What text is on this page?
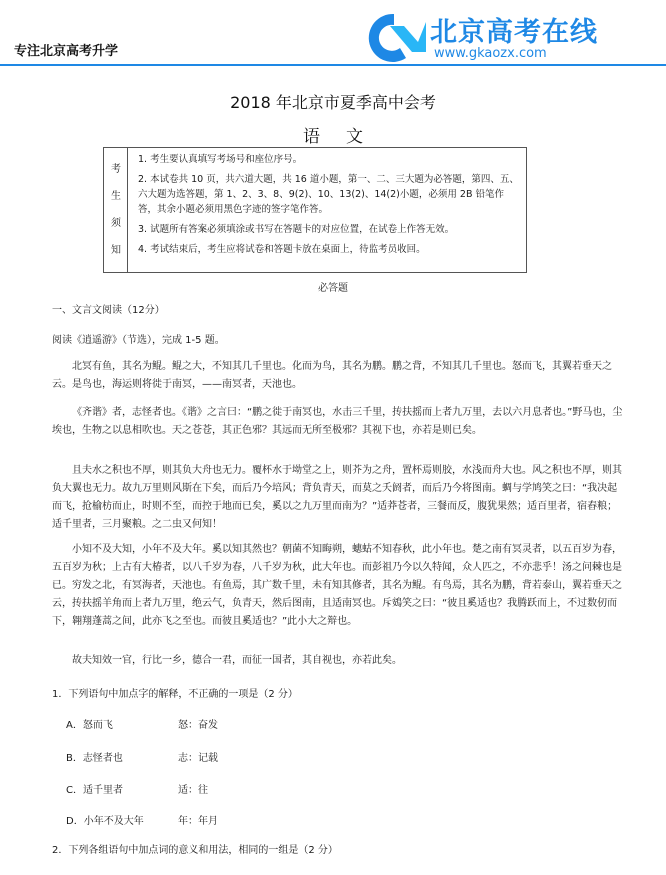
专注北京高考升学
北京高考在线
www.gkaozx.com
2018 年北京市夏季高中会考
语文
考
生
须
知

1. 考生要认真填写考场号和座位序号。

2. 本试卷共 10 页，共六道大题，共 16 道小题，第一、二、三大题为必答题，第四、五、六大题为选答题，第 1、2、3、8、9(2)、10、13(2)、14(2)小题，必须用 2B 铅笔作答，其余小题必须用黑色字迹的签字笔作答。

3. 试题所有答案必须填涂或书写在答题卡的对应位置，在试卷上作答无效。

4. 考试结束后，考生应将试卷和答题卡放在桌面上，待监考员收回。

必答题
一、文言文阅读（12分）
阅读《逍遥游》（节选），完成 1-5 题。

北冥有鱼，其名为鲲。鲲之大，不知其几千里也。化而为鸟，其名为鹏。鹏之背，不知其几千里也。怒而飞，其翼若垂天之云。是鸟也，海运则将徙于南冥，——南冥者，天池也。

《齐谐》者，志怪者也。《谐》之言曰：“鹏之徙于南冥也，水击三千里，抟扶摇而上者九万里，去以六月息者也。”野马也，尘埃也，生物之以息相吹也。天之苍苍，其正色邪？其远而无所至极邪？其视下也，亦若是则已矣。

且夫水之积也不厚，则其负大舟也无力。覆杯水于坳堂之上，则芥为之舟，置杯焉则胶，水浅而舟大也。风之积也不厚，则其负大翼也无力。故九万里则风斯在下矣，而后乃今培风；背负青天，而莫之夭阏者，而后乃今将图南。蜩与学鸠笑之曰：“我决起而飞，抢榆枋而止，时则不至，而控于地而已矣，奚以之九万里而南为？”适莽苍者，三餐而反，腹犹果然；适百里者，宿舂粮；适千里者，三月聚粮。之二虫又何知！

小知不及大知，小年不及大年。奚以知其然也？朝菌不知晦朔，蟪蛄不知春秋，此小年也。楚之南有冥灵者，以五百岁为春，五百岁为秋；上古有大椿者，以八千岁为春，八千岁为秋，此大年也。而彭祖乃今以久特闻，众人匹之，不亦悲乎！汤之问棘也是已。穷发之北，有冥海者，天池也。有鱼焉，其广数千里，未有知其修者，其名为鲲。有鸟焉，其名为鹏，背若泰山，翼若垂天之云，抟扶摇羊角而上者九万里，绝云气，负青天，然后图南，且适南冥也。斥鴳笑之曰：“彼且奚适也？我腾跃而上，不过数仞而下，翱翔蓬蒿之间，此亦飞之至也。而彼且奚适也？”此小大之辩也。

故夫知效一官，行比一乡，德合一君，而征一国者，其自视也，亦若此矣。

1．下列语句中加点字的解释，不正确的一项是（2 分）
A．怒而飞	怒：奋发
B．志怪者也	志：记载
C．适千里者	适：往
D．小年不及大年	年：年月
2．下列各组语句中加点词的意义和用法，相同的一组是（2 分）
